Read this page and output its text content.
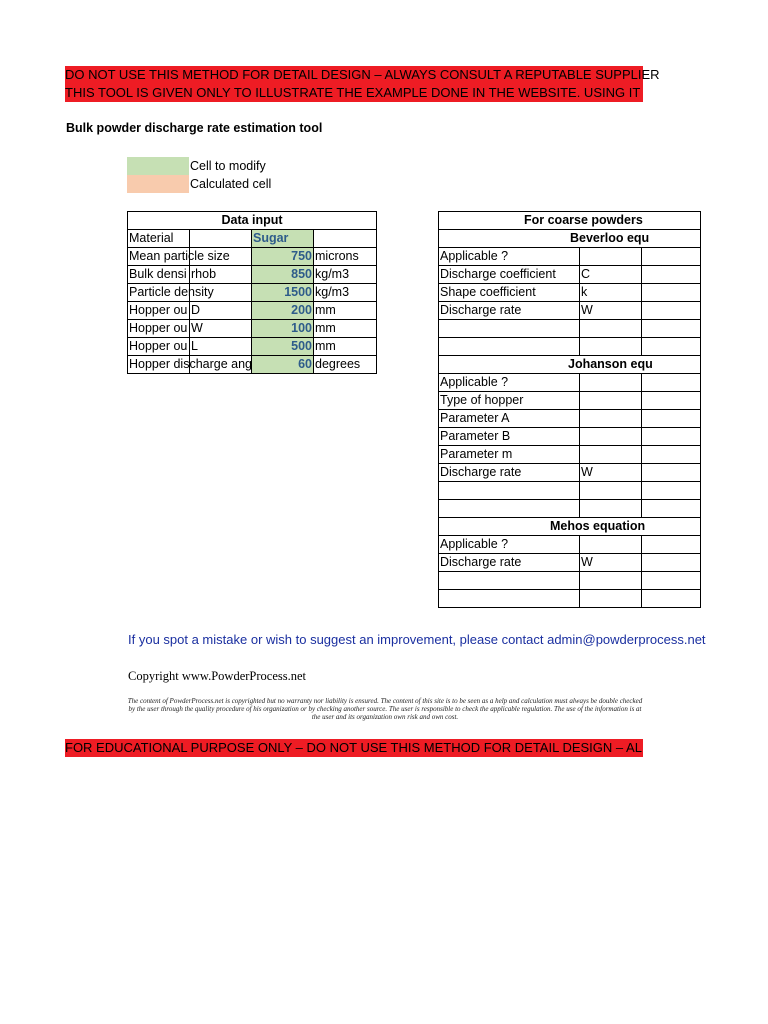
DO NOT USE THIS METHOD FOR DETAIL DESIGN – ALWAYS CONSULT A REPUTABLE SUPPLIER
THIS TOOL IS GIVEN ONLY TO ILLUSTRATE THE EXAMPLE DONE IN THE WEBSITE. USING IT
Bulk powder discharge rate estimation tool
Cell to modify
Calculated cell
Data input			
Material		Sugar	
Mean particle size		750	microns
Bulk densi	rhob	850	kg/m3
Particle density		1500	kg/m3
Hopper ou	D	200	mm
Hopper ou	W	100	mm
Hopper ou	L	500	mm
Hopper discharge ang		60	degrees
For coarse powders		
Beverloo equ		
Applicable ?		
Discharge coefficient	C	
Shape coefficient	k	
Discharge rate	W	

Johanson equ		
Applicable ?		
Type of hopper		
Parameter A		
Parameter B		
Parameter m		
Discharge rate	W	

Mehos equation		
Applicable ?		
Discharge rate	W	

If you spot a mistake or wish to suggest an improvement, please contact admin@powderprocess.net
Copyright www.PowderProcess.net
The content of PowderProcess.net is copyrighted but no warranty nor liability is ensured. The content of this site is to be seen as a help and calculation must always be double checked by the user through the quality procedure of his organization or by checking another source. The user is responsible to check the applicable regulation. The use of the information is at the user and its organization own risk and own cost.
FOR EDUCATIONAL PURPOSE ONLY – DO NOT USE THIS METHOD FOR DETAIL DESIGN – AL
